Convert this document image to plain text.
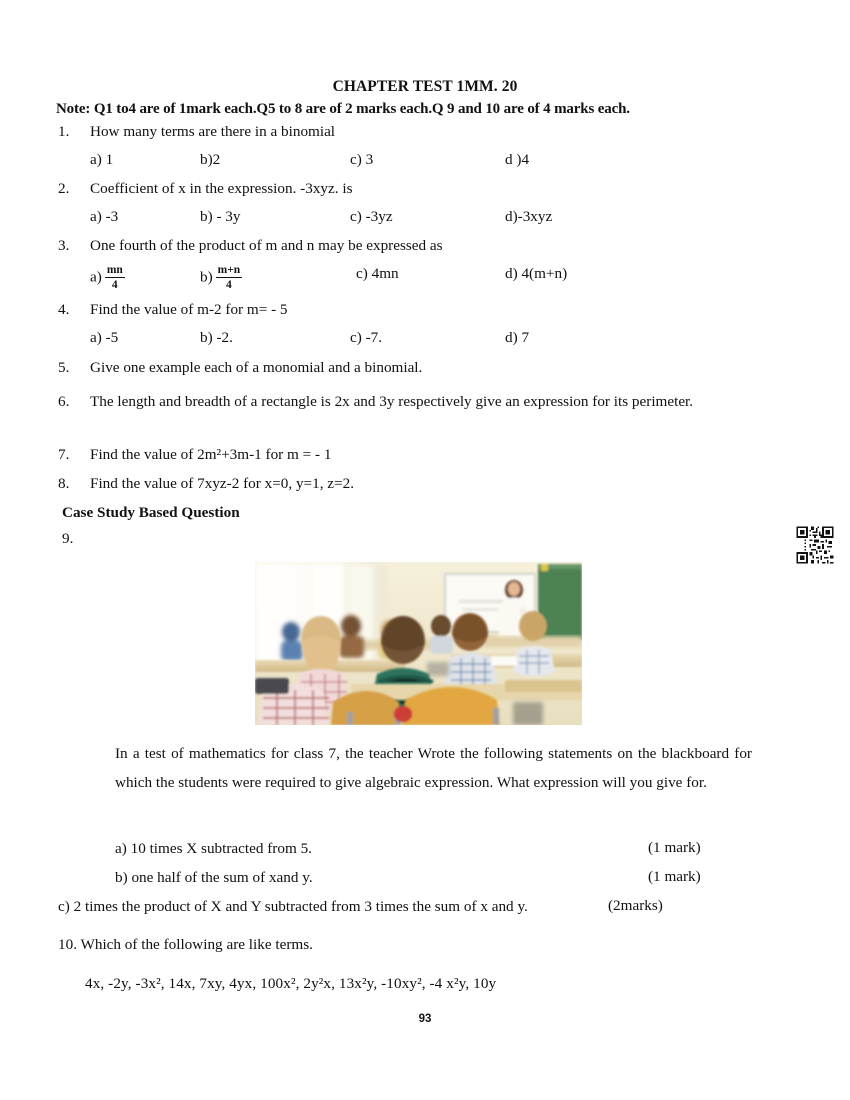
CHAPTER TEST 1MM. 20
Note: Q1 to4 are of 1mark each.Q5 to 8 are of 2 marks each.Q 9 and 10 are of 4 marks each.
1.	How many terms are there in a binomial
a) 1	b)2	c) 3	d )4
2.	Coefficient of x in the expression. -3xyz. is
a) -3	b) - 3y	c) -3yz	d)-3xyz
3.	One fourth of the product of m and n may be expressed as
$a) \frac{mn}{4}$	$b) \frac{m+n}{4}$	c) 4mn	d) 4(m+n)
4.	Find the value of m-2 for m= - 5
a) -5	b) -2.	c) -7.	d) 7
5.	Give one example each of a monomial and a binomial.
6.	The length and breadth of a rectangle is 2x and 3y respectively give an expression for its perimeter.
7.	Find the value of 2m²+3m-1 for m = - 1
8.	Find the value of 7xyz-2 for x=0, y=1, z=2.
Case Study Based Question
9.
In a test of mathematics for class 7, the teacher Wrote the following statements on the blackboard for which the students were required to give algebraic expression. What expression will you give for.
a) 10 times X subtracted from 5.	(1 mark)
b) one half of the sum of xand y.	(1 mark)
c) 2 times the product of X and Y subtracted from 3 times the sum of x and y.	(2marks)
10. Which of the following are like terms.
4x, -2y, -3x², 14x, 7xy, 4yx, 100x², 2y²x, 13x²y, -10xy², -4 x²y, 10y
93
